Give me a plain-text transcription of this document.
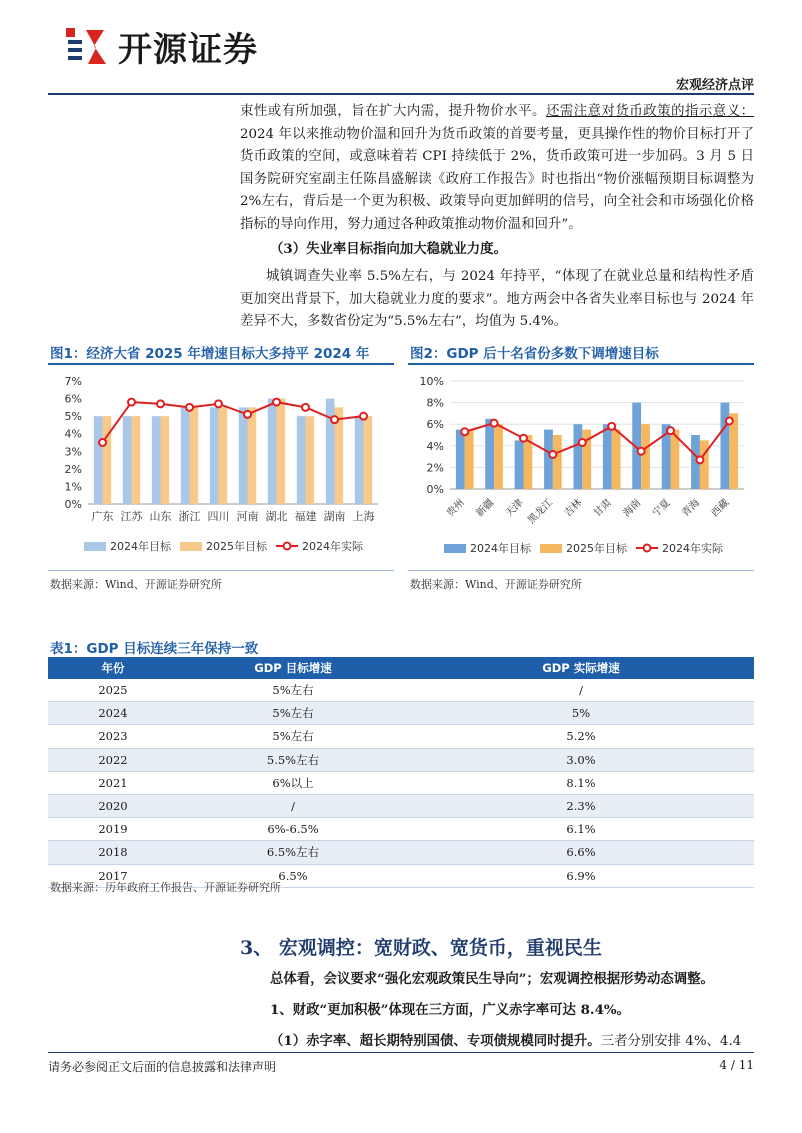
开源证券
宏观经济点评

束性或有所加强，旨在扩大内需，提升物价水平。还需注意对货币政策的指示意义：2024 年以来推动物价温和回升为货币政策的首要考量，更具操作性的物价目标打开了货币政策的空间，或意味着若 CPI 持续低于 2%，货币政策可进一步加码。3 月 5 日国务院研究室副主任陈昌盛解读《政府工作报告》时也指出“物价涨幅预期目标调整为 2%左右，背后是一个更为积极、政策导向更加鲜明的信号，向全社会和市场强化价格指标的导向作用，努力通过各种政策推动物价温和回升”。

（3）失业率目标指向加大稳就业力度。

城镇调查失业率 5.5%左右，与 2024 年持平，“体现了在就业总量和结构性矛盾更加突出背景下，加大稳就业力度的要求”。地方两会中各省失业率目标也与 2024 年差异不大，多数省份定为“5.5%左右”，均值为 5.4%。

图1：经济大省 2025 年增速目标大多持平 2024 年
0%
1%
2%
3%
4%
5%
6%
7%
广东 江苏 山东 浙江 四川 河南 湖北 福建 湖南 上海
2024年目标	2025年目标	2024年实际
数据来源：Wind、开源证券研究所
图2：GDP 后十名省份多数下调增速目标
0%
2%
4%
6%
8%
10%
贵州 新疆 天津 黑龙江 吉林 甘肃 海南 宁夏 青海 西藏
2024年目标	2025年目标	2024年实际
数据来源：Wind、开源证券研究所
表1：GDP 目标连续三年保持一致
年份	GDP 目标增速	GDP 实际增速
2025	5%左右	/
2024	5%左右	5%
2023	5%左右	5.2%
2022	5.5%左右	3.0%
2021	6%以上	8.1%
2020	/	2.3%
2019	6%-6.5%	6.1%
2018	6.5%左右	6.6%
2017	6.5%	6.9%
数据来源：历年政府工作报告、开源证券研究所
3、 宏观调控：宽财政、宽货币，重视民生
总体看，会议要求“强化宏观政策民生导向”；宏观调控根据形势动态调整。
1、财政“更加积极”体现在三方面，广义赤字率可达 8.4%。
（1）赤字率、超长期特别国债、专项债规模同时提升。三者分别安排 4%、4.4
请务必参阅正文后面的信息披露和法律声明	4 / 11
